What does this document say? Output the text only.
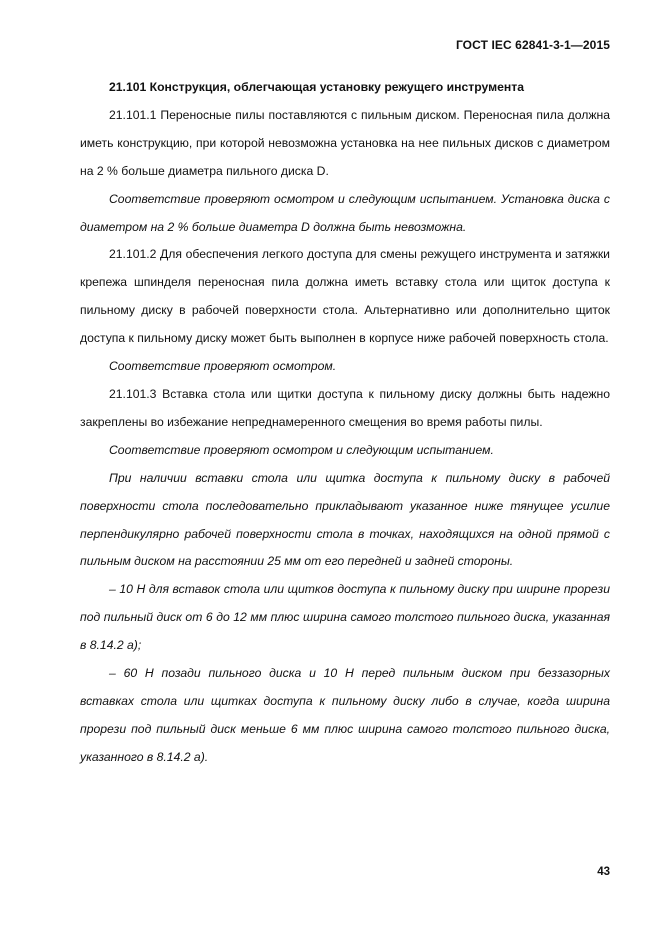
ГОСТ IEC 62841-3-1—2015

21.101 Конструкция, облегчающая установку режущего инструмента

21.101.1 Переносные пилы поставляются с пильным диском. Переносная пила должна иметь конструкцию, при которой невозможна установка на нее пильных дисков с диаметром на 2 % больше диаметра пильного диска D.

Соответствие проверяют осмотром и следующим испытанием. Установка диска с диаметром на 2 % больше диаметра D должна быть невозможна.

21.101.2 Для обеспечения легкого доступа для смены режущего инструмента и затяжки крепежа шпинделя переносная пила должна иметь вставку стола или щиток доступа к пильному диску в рабочей поверхности стола. Альтернативно или дополнительно щиток доступа к пильному диску может быть выполнен в корпусе ниже рабочей поверхность стола.

Соответствие проверяют осмотром.

21.101.3 Вставка стола или щитки доступа к пильному диску должны быть надежно закреплены во избежание непреднамеренного смещения во время работы пилы.

Соответствие проверяют осмотром и следующим испытанием.

При наличии вставки стола или щитка доступа к пильному диску в рабочей поверхности стола последовательно прикладывают указанное ниже тянущее усилие перпендикулярно рабочей поверхности стола в точках, находящихся на одной прямой с пильным диском на расстоянии 25 мм от его передней и задней стороны.

– 10 Н для вставок стола или щитков доступа к пильному диску при ширине прорези под пильный диск от 6 до 12 мм плюс ширина самого толстого пильного диска, указанная в 8.14.2 а);

– 60 Н позади пильного диска и 10 Н перед пильным диском при беззазорных вставках стола или щитках доступа к пильному диску либо в случае, когда ширина прорези под пильный диск меньше 6 мм плюс ширина самого толстого пильного диска, указанного в 8.14.2 а).

43
